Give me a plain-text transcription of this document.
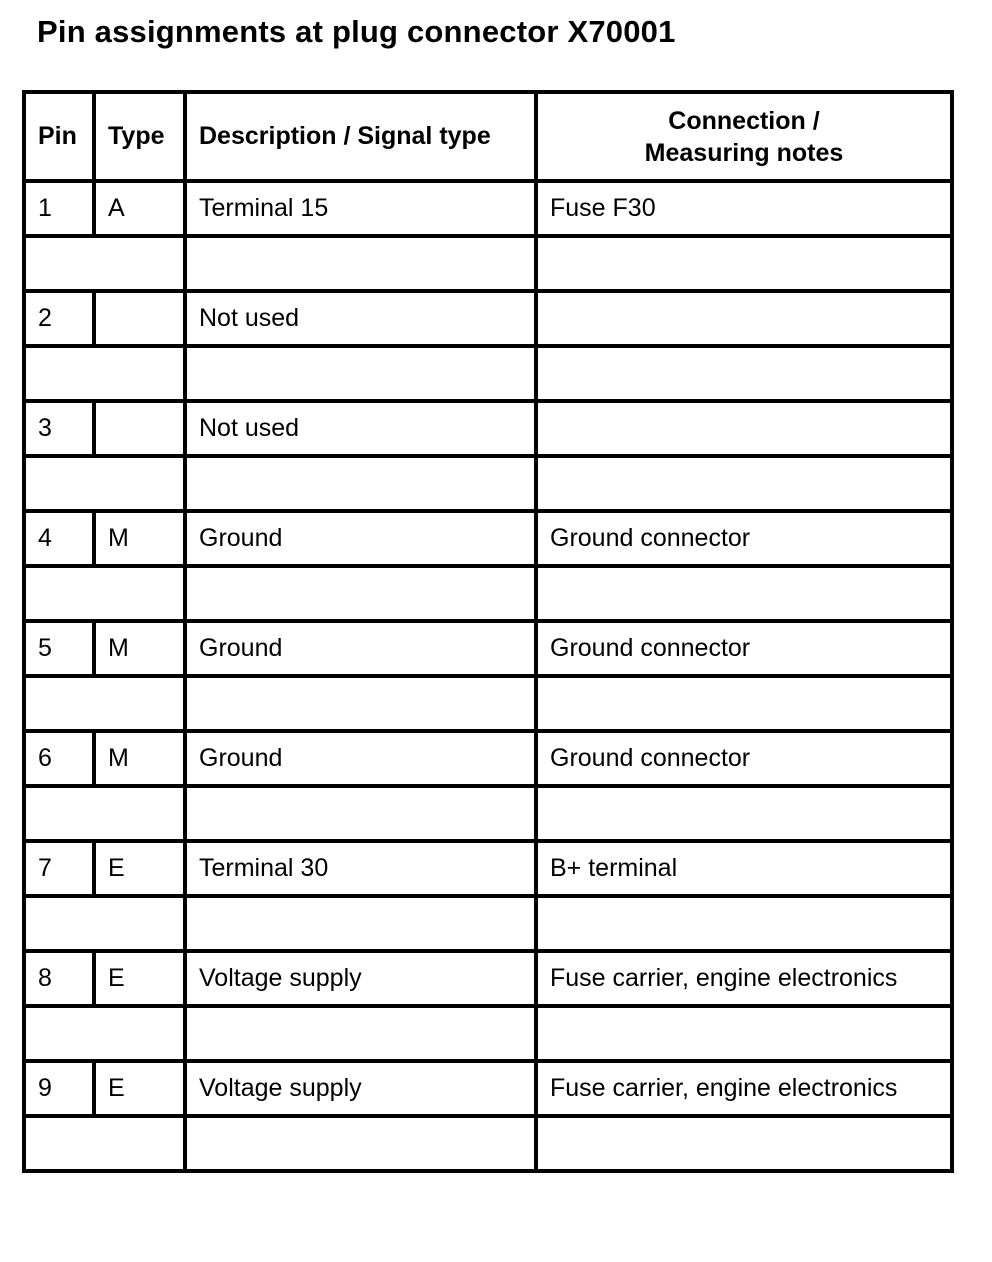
Pin assignments at plug connector X70001
Pin	Type	Description / Signal type	Connection /
Measuring notes
1	A	Terminal 15	Fuse F30

2		Not used	

3		Not used	

4	M	Ground	Ground connector

5	M	Ground	Ground connector

6	M	Ground	Ground connector

7	E	Terminal 30	B+ terminal

8	E	Voltage supply	Fuse carrier, engine electronics

9	E	Voltage supply	Fuse carrier, engine electronics
